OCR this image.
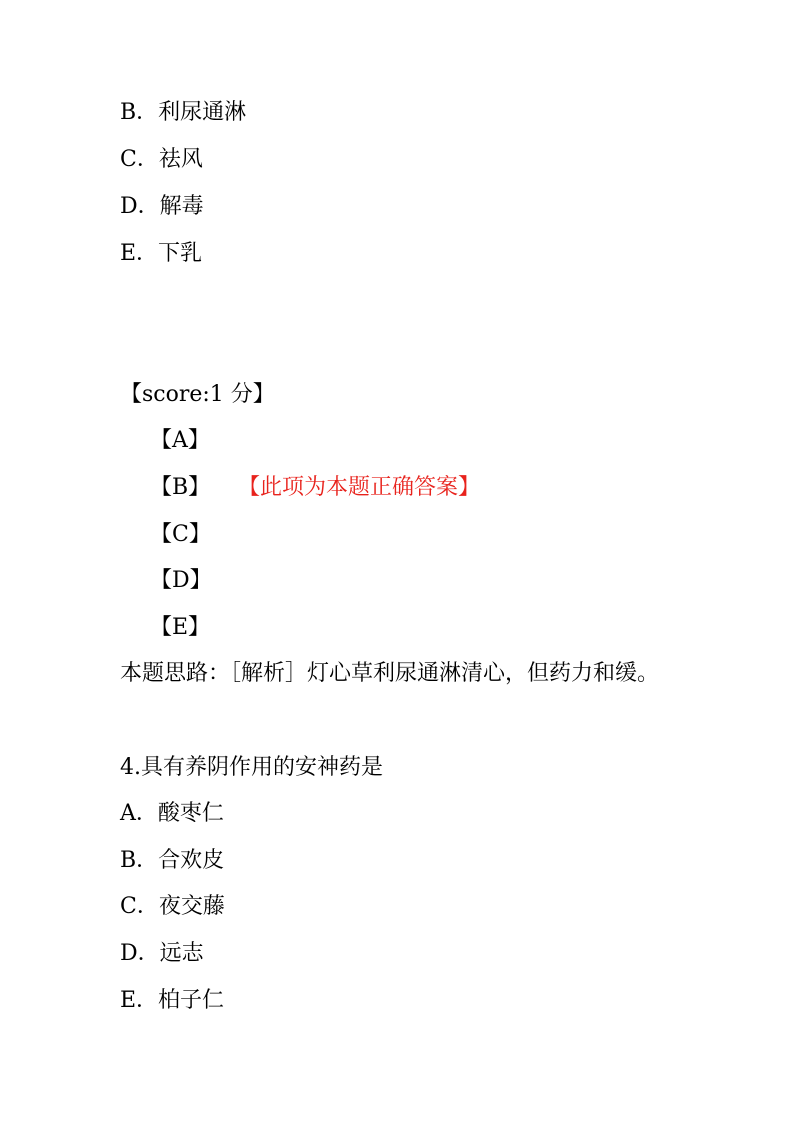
B．利尿通淋
C．祛风
D．解毒
E．下乳
【score:1 分】
【A】
【B】 【此项为本题正确答案】
【C】
【D】
【E】
本题思路：［解析］灯心草利尿通淋清心，但药力和缓。
4.具有养阴作用的安神药是
A．酸枣仁
B．合欢皮
C．夜交藤
D．远志
E．柏子仁
